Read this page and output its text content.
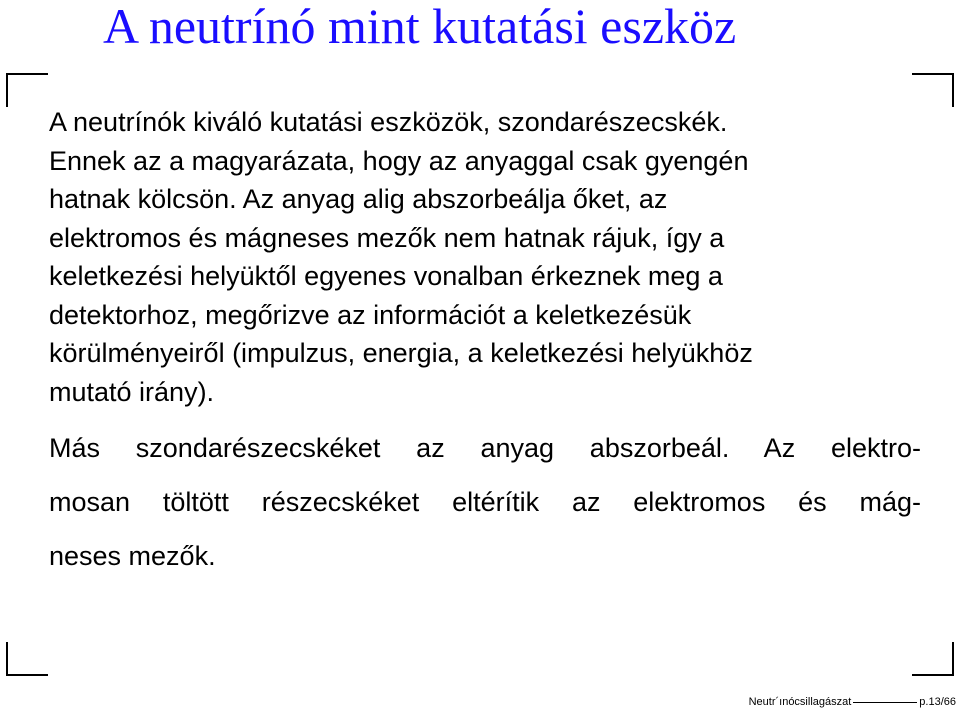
A neutrínó mint kutatási eszköz

A neutrínók kiváló kutatási eszközök, szondarészecskék.
Ennek az a magyarázata, hogy az anyaggal csak gyengén
hatnak kölcsön. Az anyag alig abszorbeálja őket, az
elektromos és mágneses mezők nem hatnak rájuk, így a
keletkezési helyüktől egyenes vonalban érkeznek meg a
detektorhoz, megőrizve az információt a keletkezésük
körülményeiről (impulzus, energia, a keletkezési helyükhöz
mutató irány).

Más szondarészecskéket az anyag abszorbeál. Az elektro-
mosan töltött részecskéket eltérítik az elektromos és mág-
neses mezők.

Neutr´ınócsillagászat	p.13/66
